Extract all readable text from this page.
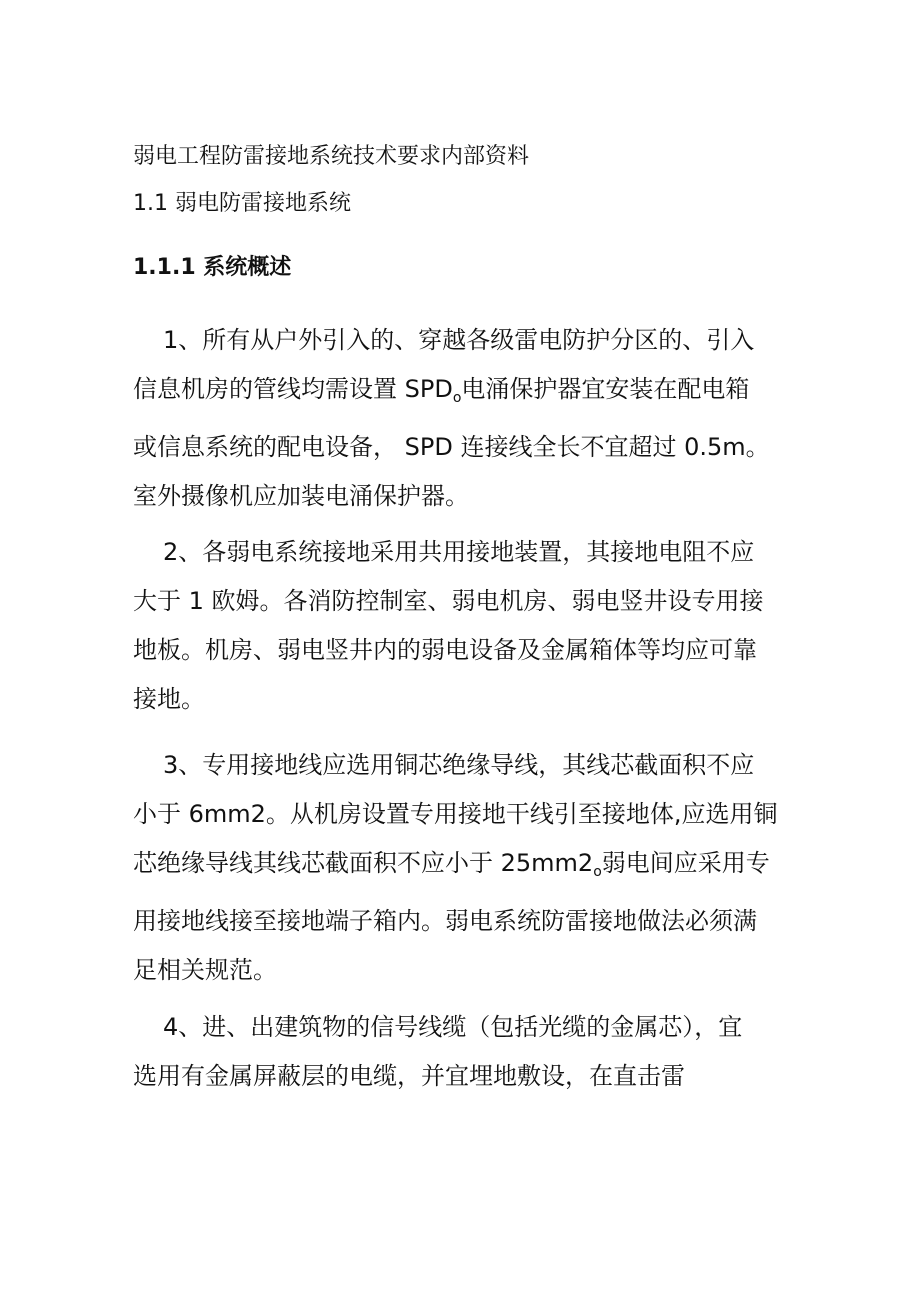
弱电工程防雷接地系统技术要求内部资料
1.1 弱电防雷接地系统
1.1.1 系统概述
1、所有从户外引入的、穿越各级雷电防护分区的、引入
信息机房的管线均需设置 $SPD_o$电涌保护器宜安装在配电箱
或信息系统的配电设备， SPD 连接线全长不宜超过 0.5m。
室外摄像机应加装电涌保护器。
2、各弱电系统接地采用共用接地装置，其接地电阻不应
大于 1 欧姆。各消防控制室、弱电机房、弱电竖井设专用接
地板。机房、弱电竖井内的弱电设备及金属箱体等均应可靠
接地。
3、专用接地线应选用铜芯绝缘导线，其线芯截面积不应
小于 6mm2。从机房设置专用接地干线引至接地体,应选用铜
芯绝缘导线其线芯截面积不应小于 $25mm2_o$弱电间应采用专
用接地线接至接地端子箱内。弱电系统防雷接地做法必须满
足相关规范。
4、进、出建筑物的信号线缆（包括光缆的金属芯），宜
选用有金属屏蔽层的电缆，并宜埋地敷设，在直击雷
